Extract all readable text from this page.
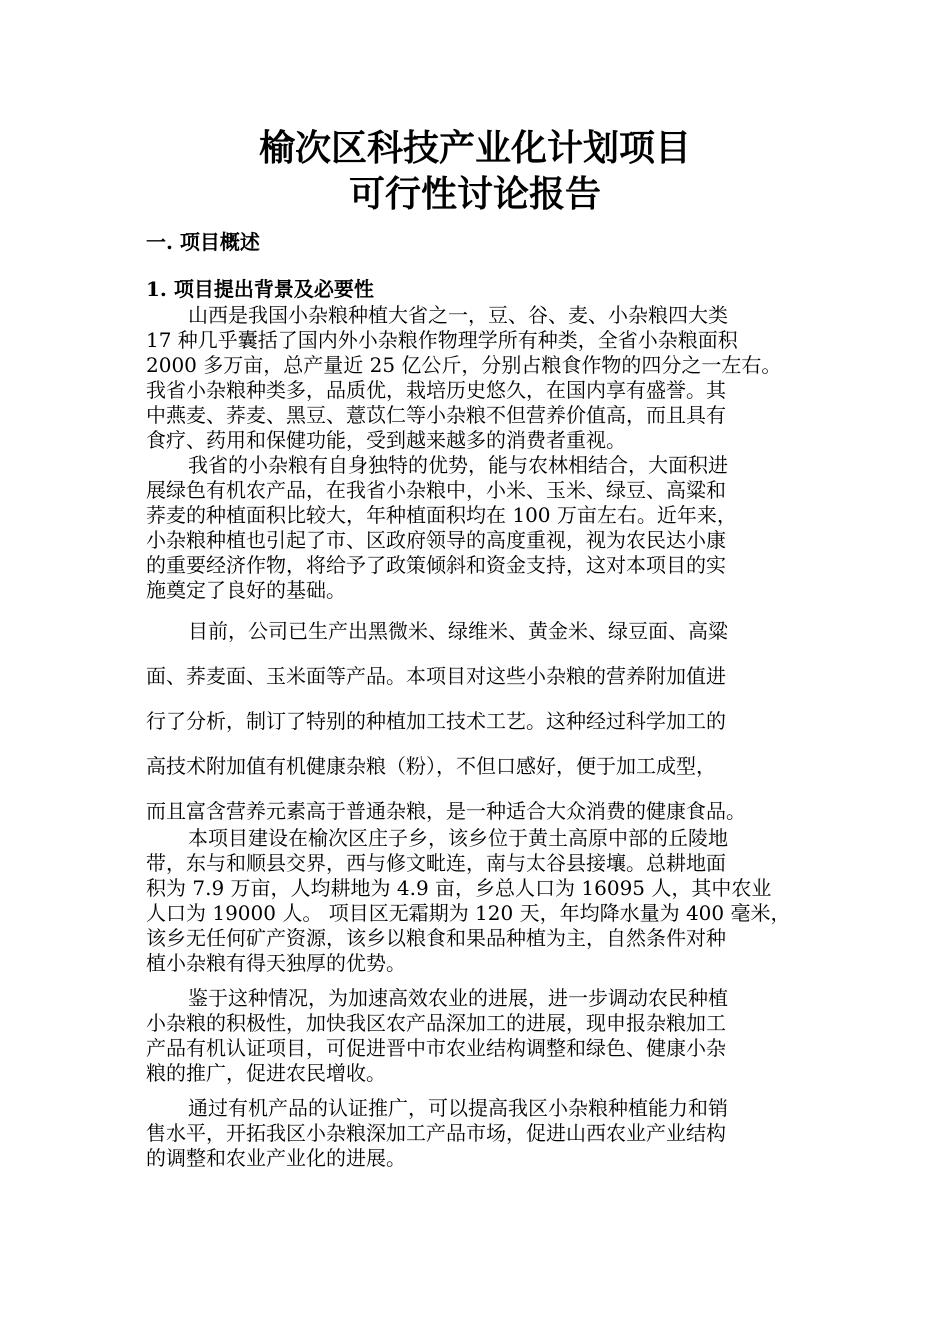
榆次区科技产业化计划项目
可行性讨论报告
一. 项目概述
1. 项目提出背景及必要性
山西是我国小杂粮种植大省之一，豆、谷、麦、小杂粮四大类
17 种几乎囊括了国内外小杂粮作物理学所有种类，全省小杂粮面积
2000 多万亩，总产量近 25 亿公斤，分别占粮食作物的四分之一左右。
我省小杂粮种类多，品质优，栽培历史悠久，在国内享有盛誉。其
中燕麦、荞麦、黑豆、薏苡仁等小杂粮不但营养价值高，而且具有
食疗、药用和保健功能，受到越来越多的消费者重视。
我省的小杂粮有自身独特的优势，能与农林相结合，大面积进
展绿色有机农产品，在我省小杂粮中，小米、玉米、绿豆、高粱和
荞麦的种植面积比较大，年种植面积均在 100 万亩左右。近年来，
小杂粮种植也引起了市、区政府领导的高度重视，视为农民达小康
的重要经济作物，将给予了政策倾斜和资金支持，这对本项目的实
施奠定了良好的基础。
目前，公司已生产出黑微米、绿维米、黄金米、绿豆面、高粱
面、荞麦面、玉米面等产品。本项目对这些小杂粮的营养附加值进
行了分析，制订了特别的种植加工技术工艺。这种经过科学加工的
高技术附加值有机健康杂粮（粉），不但口感好，便于加工成型，
而且富含营养元素高于普通杂粮，是一种适合大众消费的健康食品。
本项目建设在榆次区庄子乡，该乡位于黄土高原中部的丘陵地
带，东与和顺县交界，西与修文毗连，南与太谷县接壤。总耕地面
积为 7.9 万亩，人均耕地为 4.9 亩，乡总人口为 16095 人，其中农业
人口为 19000 人。 项目区无霜期为 120 天，年均降水量为 400 毫米，
该乡无任何矿产资源，该乡以粮食和果品种植为主，自然条件对种
植小杂粮有得天独厚的优势。
鉴于这种情况，为加速高效农业的进展，进一步调动农民种植
小杂粮的积极性，加快我区农产品深加工的进展，现申报杂粮加工
产品有机认证项目，可促进晋中市农业结构调整和绿色、健康小杂
粮的推广，促进农民增收。
通过有机产品的认证推广，可以提高我区小杂粮种植能力和销
售水平，开拓我区小杂粮深加工产品市场，促进山西农业产业结构
的调整和农业产业化的进展。
